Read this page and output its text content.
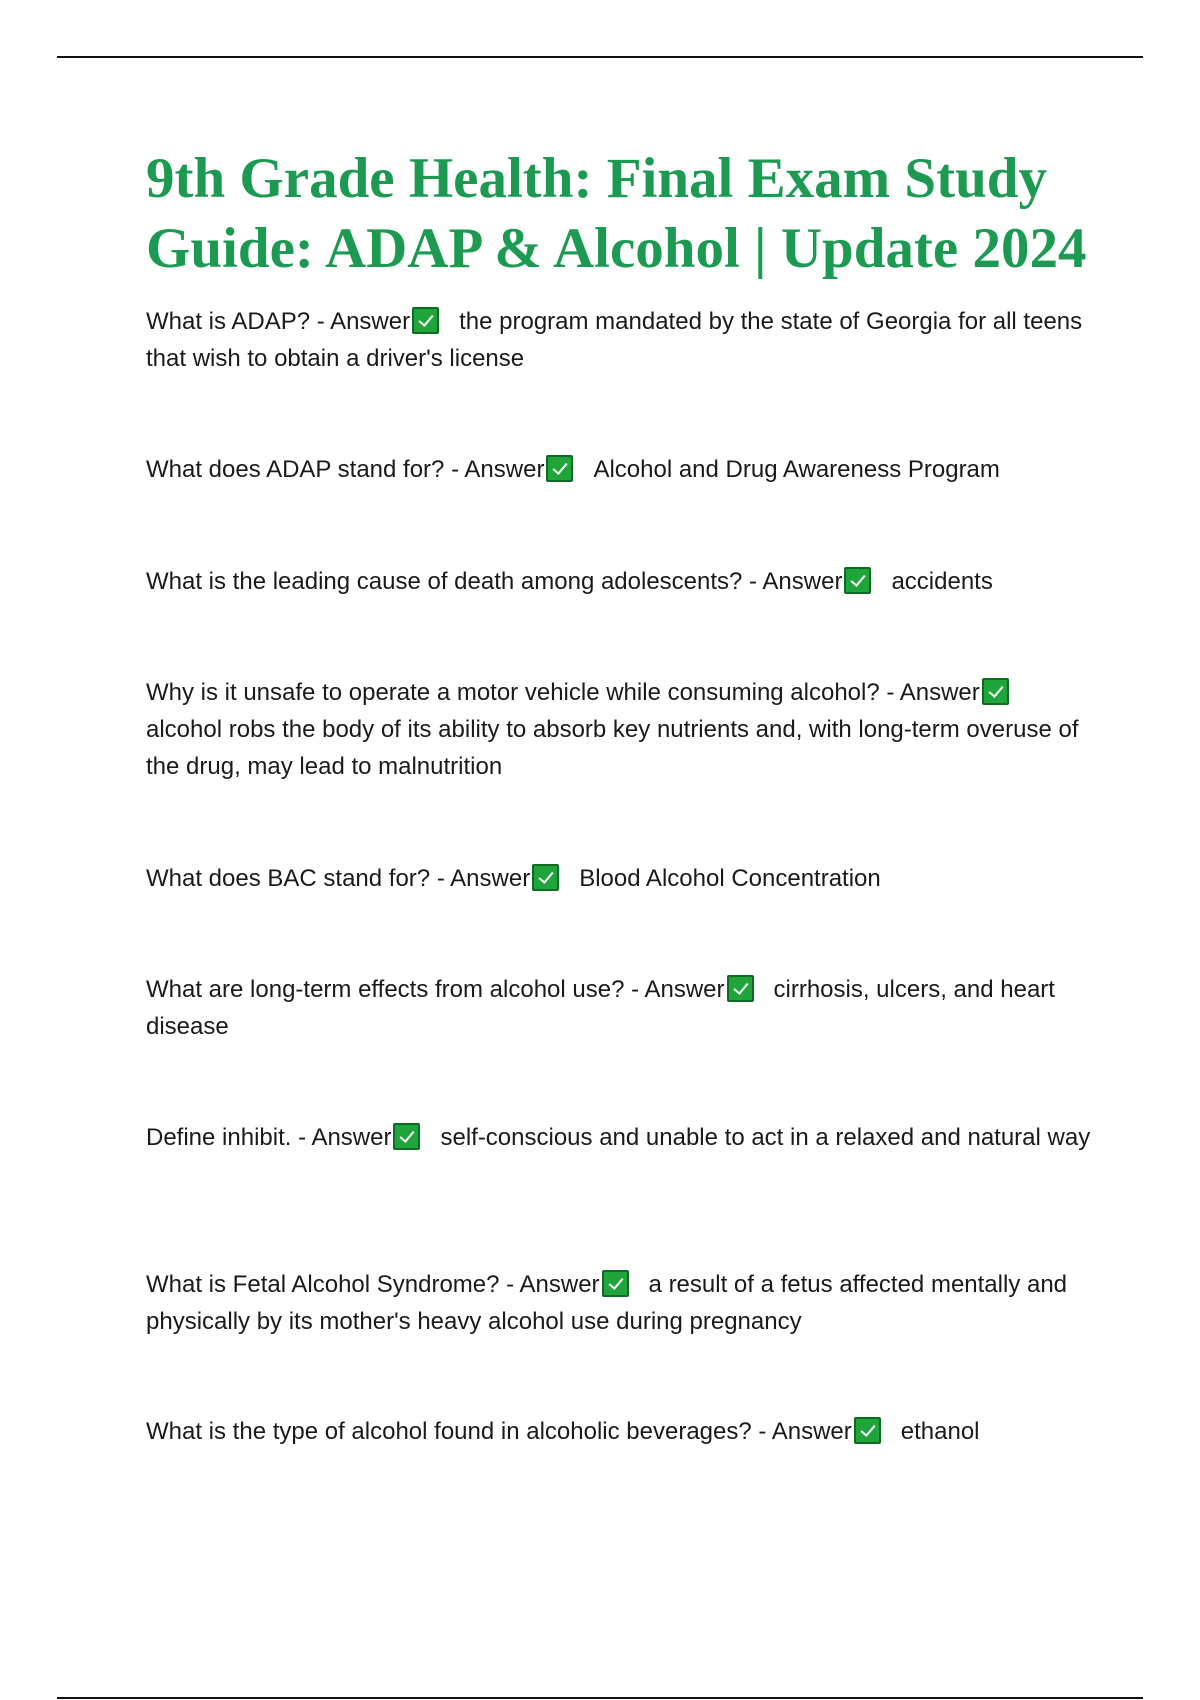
9th Grade Health: Final Exam Study Guide: ADAP & Alcohol | Update 2024

What is ADAP? - Answer the program mandated by the state of Georgia for all teens that wish to obtain a driver's license

What does ADAP stand for? - Answer Alcohol and Drug Awareness Program

What is the leading cause of death among adolescents? - Answer accidents

Why is it unsafe to operate a motor vehicle while consuming alcohol? - Answeralcohol robs the body of its ability to absorb key nutrients and, with long-term overuse of the drug, may lead to malnutrition

What does BAC stand for? - Answer Blood Alcohol Concentration

What are long-term effects from alcohol use? - Answer cirrhosis, ulcers, and heart disease

Define inhibit. - Answer self-conscious and unable to act in a relaxed and natural way

What is Fetal Alcohol Syndrome? - Answer a result of a fetus affected mentally and physically by its mother's heavy alcohol use during pregnancy

What is the type of alcohol found in alcoholic beverages? - Answer ethanol
